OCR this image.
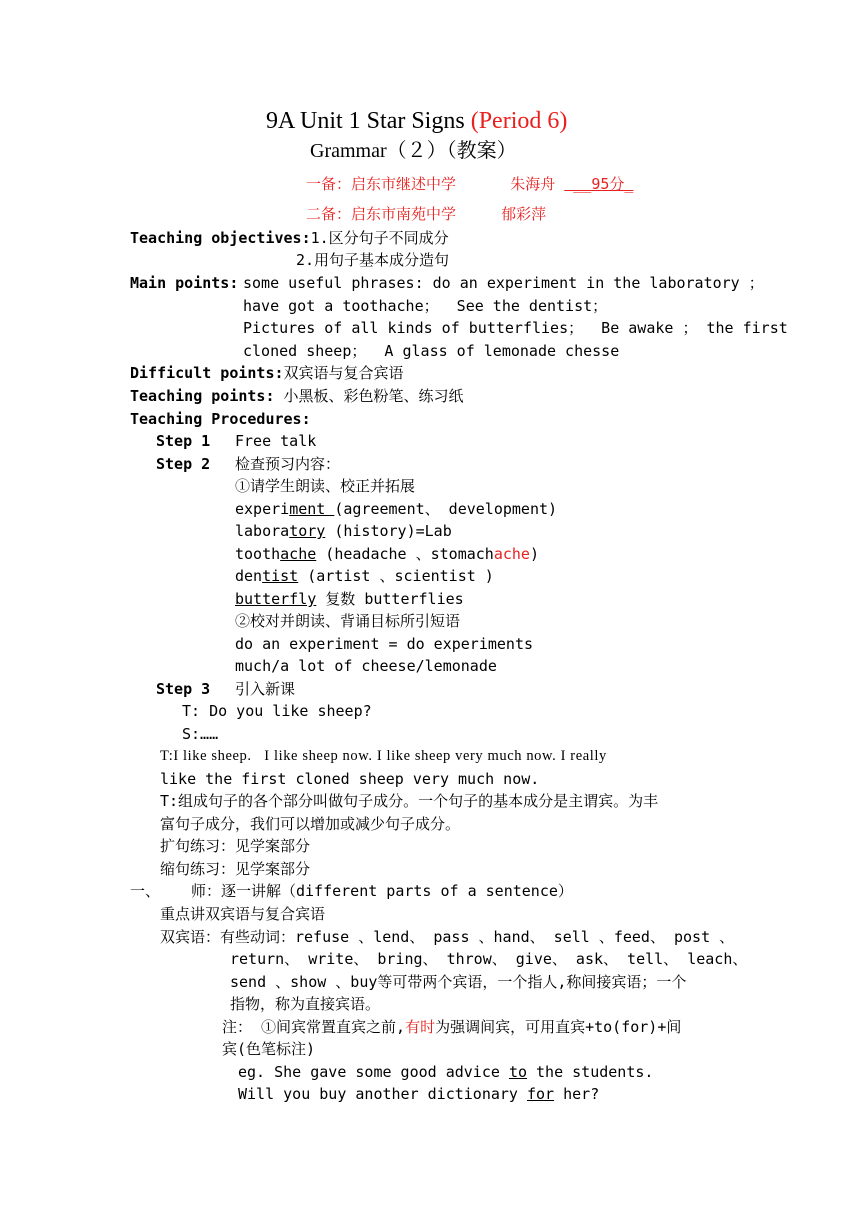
9A Unit 1 Star Signs (Period 6)
Grammar（２）（教案）
一备：启东市继述中学	朱海舟  __95分_
二备：启东市南苑中学	郁彩萍
Teaching objectives:1.区分句子不同成分
2.用句子基本成分造句
Main points: some useful phrases: do an experiment in the laboratory ；
have got a toothache；  See the dentist；
Pictures of all kinds of butterflies；  Be awake ； the first
cloned sheep；  A glass of lemonade chesse
Difficult points:双宾语与复合宾语
Teaching points: 小黑板、彩色粉笔、练习纸
Teaching Procedures:
Step 1 Free talk
Step 2 检查预习内容：
①请学生朗读、校正并拓展
experiment (agreement、 development)
laboratory (history)=Lab
toothache (headache 、stomachache)
dentist (artist 、scientist )
butterfly 复数 butterflies
②校对并朗读、背诵目标所引短语
do an experiment = do experiments
much/a lot of cheese/lemonade
Step 3 引入新课
T: Do you like sheep?
S:……
T:I like sheep.   I like sheep now. I like sheep very much now. I really
like the first cloned sheep very much now.
T:组成句子的各个部分叫做句子成分。一个句子的基本成分是主谓宾。为丰
富句子成分，我们可以增加或减少句子成分。
扩句练习：见学案部分
缩句练习：见学案部分
一、 师：逐一讲解（different parts of a sentence）
重点讲双宾语与复合宾语
双宾语：有些动词：refuse 、lend、 pass 、hand、 sell 、feed、 post 、
return、 write、 bring、 throw、 give、 ask、 tell、 leach、
send 、show 、buy等可带两个宾语，一个指人,称间接宾语；一个
指物，称为直接宾语。
注： ①间宾常置直宾之前,有时为强调间宾，可用直宾+to(for)+间
宾(色笔标注)
eg. She gave some good advice to the students.
Will you buy another dictionary for her?
